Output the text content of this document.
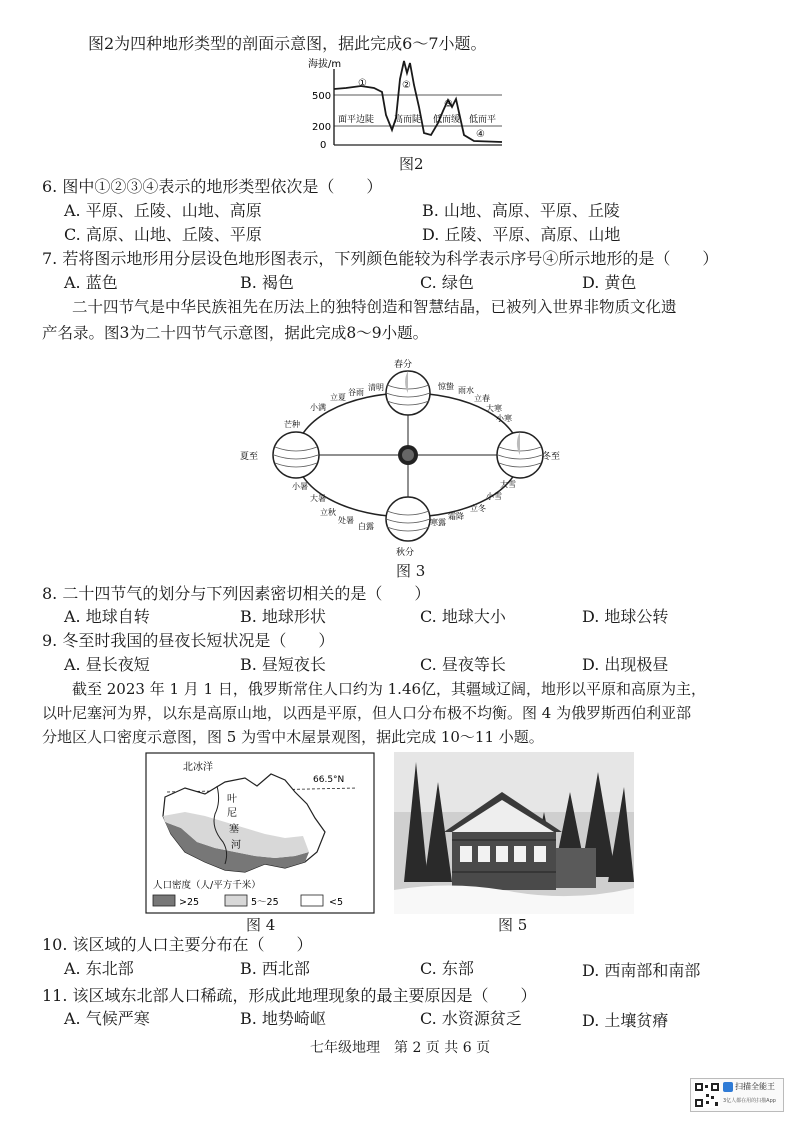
图2为四种地形类型的剖面示意图，据此完成6～7小题。
海拔/m
500
200
0
①	②
③
④
面平边陡 高而陡 低而缓 低而平
图2
6. 图中①②③④表示的地形类型依次是（　　）
A. 平原、丘陵、山地、高原	B. 山地、高原、平原、丘陵
C. 高原、山地、丘陵、平原	D. 丘陵、平原、高原、山地
7. 若将图示地形用分层设色地形图表示，下列颜色能较为科学表示序号④所示地形的是（　　）
A. 蓝色	B. 褐色	C. 绿色	D. 黄色
二十四节气是中华民族祖先在历法上的独特创造和智慧结晶，已被列入世界非物质文化遗
产名录。图3为二十四节气示意图，据此完成8～9小题。
春分
夏至
秋分
冬至
小满
立夏
谷雨
清明
芒种
惊蛰 雨水
立春
大寒
小寒
小暑
大暑
立秋
处暑
白露	寒露
霜降
立冬
小雪
大雪
图 3
8. 二十四节气的划分与下列因素密切相关的是（　　）
A. 地球自转	B. 地球形状	C. 地球大小	D. 地球公转
9. 冬至时我国的昼夜长短状况是（　　）
A. 昼长夜短	B. 昼短夜长	C. 昼夜等长	D. 出现极昼
截至 2023 年 1 月 1 日，俄罗斯常住人口约为 1.46亿，其疆域辽阔，地形以平原和高原为主，
以叶尼塞河为界，以东是高原山地，以西是平原，但人口分布极不均衡。图 4 为俄罗斯西伯利亚部
分地区人口密度示意图，图 5 为雪中木屋景观图，据此完成 10～11 小题。
北冰洋
66.5°N
叶
尼
塞
河
人口密度（人/平方千米）
>25	5～25	<5
图 4	图 5
10. 该区域的人口主要分布在（　　）
A. 东北部	B. 西北部	C. 东部	D. 西南部和南部
11. 该区域东北部人口稀疏，形成此地理现象的最主要原因是（　　）
A. 气候严寒	B. 地势崎岖	C. 水资源贫乏	D. 土壤贫瘠
七年级地理　第 2 页 共 6 页
扫描全能王
3亿人都在用的扫描App
